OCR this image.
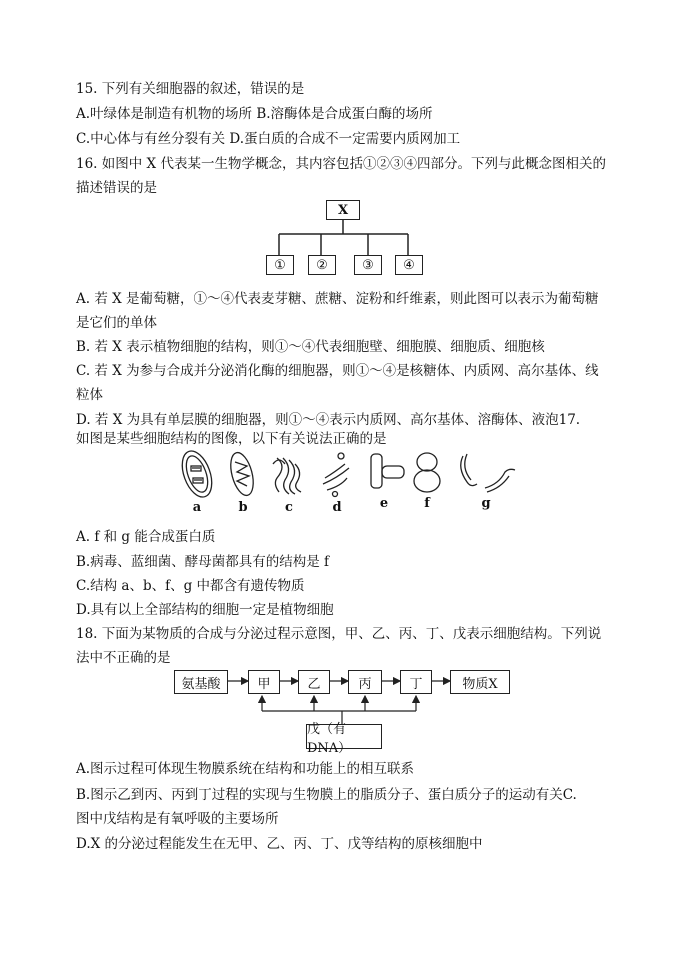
15. 下列有关细胞器的叙述，错误的是
A.叶绿体是制造有机物的场所 B.溶酶体是合成蛋白酶的场所
C.中心体与有丝分裂有关 D.蛋白质的合成不一定需要内质网加工
16. 如图中 X 代表某一生物学概念，其内容包括①②③④四部分。下列与此概念图相关的
描述错误的是
X
①	②	③	④
A. 若 X 是葡萄糖，①～④代表麦芽糖、蔗糖、淀粉和纤维素，则此图可以表示为葡萄糖
是它们的单体
B. 若 X 表示植物细胞的结构，则①～④代表细胞壁、细胞膜、细胞质、细胞核
C. 若 X 为参与合成并分泌消化酶的细胞器，则①～④是核糖体、内质网、高尔基体、线
粒体
D. 若 X 为具有单层膜的细胞器，则①～④表示内质网、高尔基体、溶酶体、液泡17.
如图是某些细胞结构的图像，以下有关说法正确的是
a	b	c	d	e	f	g
A. f 和 g 能合成蛋白质
B.病毒、蓝细菌、酵母菌都具有的结构是 f
C.结构 a、b、f、g 中都含有遗传物质
D.具有以上全部结构的细胞一定是植物细胞
18. 下面为某物质的合成与分泌过程示意图，甲、乙、丙、丁、戊表示细胞结构。下列说
法中不正确的是
氨基酸	甲	乙	丙	丁	物质X
戊（有DNA）
A.图示过程可体现生物膜系统在结构和功能上的相互联系
B.图示乙到丙、丙到丁过程的实现与生物膜上的脂质分子、蛋白质分子的运动有关C.
图中戊结构是有氧呼吸的主要场所
D.X 的分泌过程能发生在无甲、乙、丙、丁、戊等结构的原核细胞中
